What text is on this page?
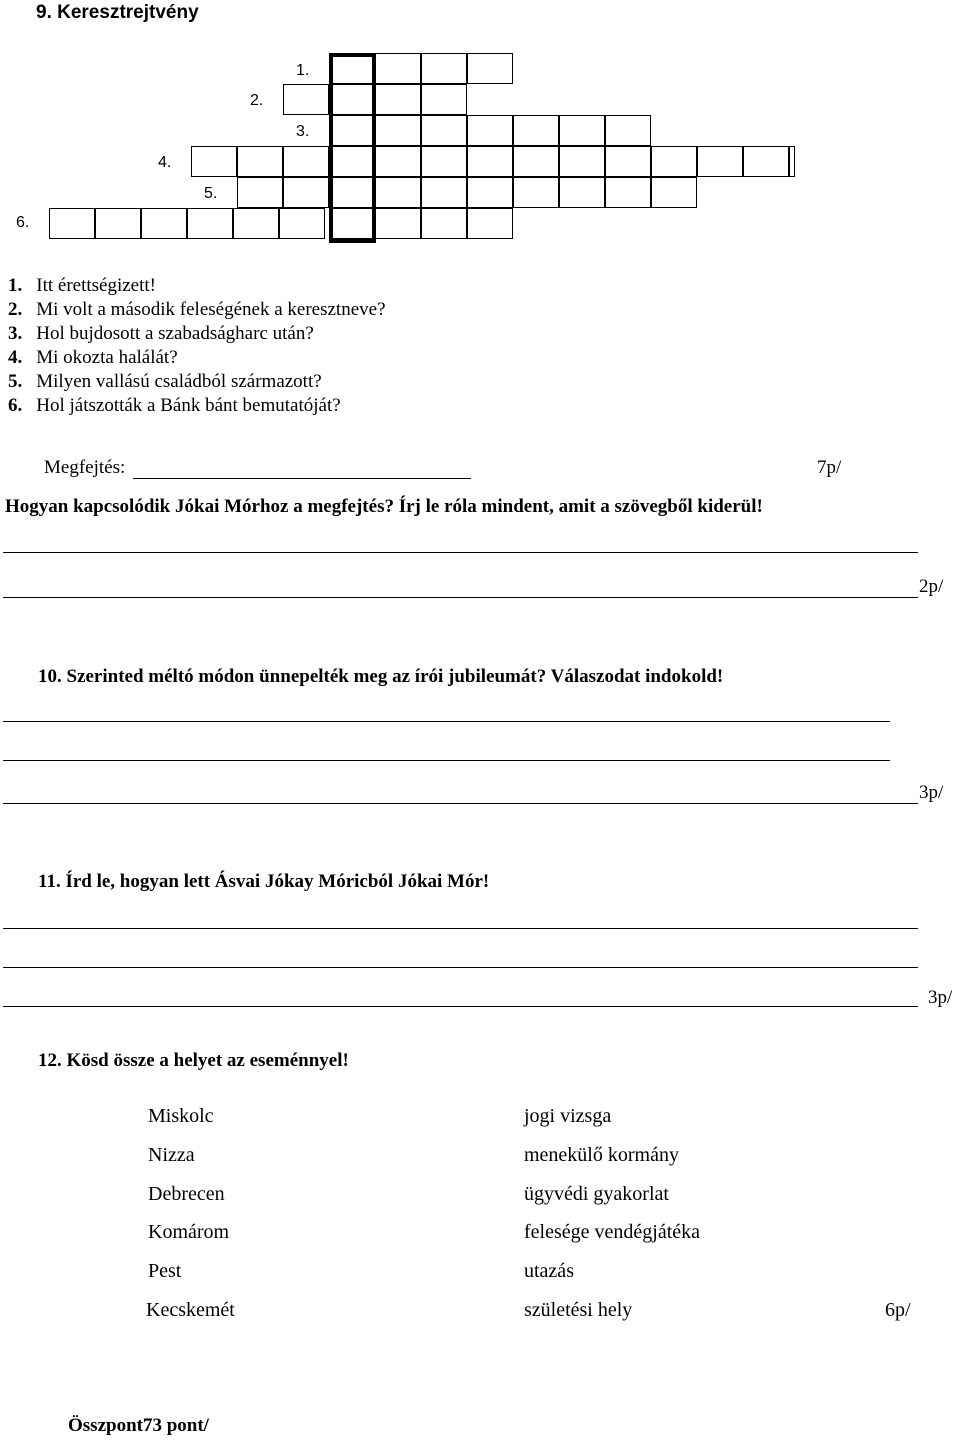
9. Keresztrejtvény
1.
2.
3.
4.
5.
6.
1. Itt érettségizett!
2. Mi volt a második feleségének a keresztneve?
3. Hol bujdosott a szabadságharc után?
4. Mi okozta halálát?
5. Milyen vallású családból származott?
6. Hol játszották a Bánk bánt bemutatóját?
Megfejtés:	7p/
Hogyan kapcsolódik Jókai Mórhoz a megfejtés? Írj le róla mindent, amit a szövegből kiderül!
2p/
10. Szerinted méltó módon ünnepelték meg az írói jubileumát? Válaszodat indokold!
3p/
11. Írd le, hogyan lett Ásvai Jókay Móricból Jókai Mór!
3p/
12. Kösd össze a helyet az eseménnyel!
Miskolc
Nizza
Debrecen
Komárom
Pest
Kecskemét
jogi vizsga
menekülő kormány
ügyvédi gyakorlat
felesége vendégjátéka
utazás
születési hely	6p/
Összpont73 pont/
